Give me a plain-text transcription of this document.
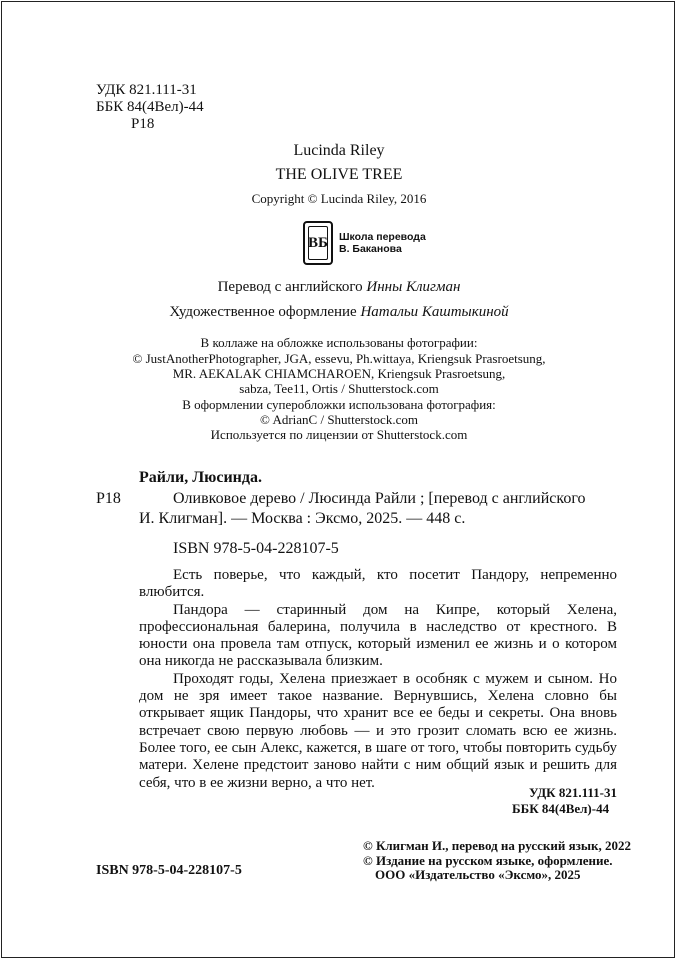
УДК 821.111-31
ББК 84(4Вел)-44
Р18
Lucinda Riley
THE OLIVE TREE
Copyright © Lucinda Riley, 2016
ВБ Школа перевода
В. Баканова
Перевод с английского Инны Клигман
Художественное оформление Натальи Каштыкиной
В коллаже на обложке использованы фотографии:
© JustAnotherPhotographer, JGA, essevu, Ph.wittaya, Kriengsuk Prasroetsung,
MR. AEKALAK CHIAMCHAROEN, Kriengsuk Prasroetsung,
sabza, Tee11, Ortis / Shutterstock.com
В оформлении суперобложки использована фотография:
© AdrianC / Shutterstock.com
Используется по лицензии от Shutterstock.com
Райли, Люсинда.
Р18	Оливковое дерево / Люсинда Райли ; [перевод с английского
И. Клигман]. — Москва : Эксмо, 2025. — 448 с.
ISBN 978-5-04-228107-5

Есть поверье, что каждый, кто посетит Пандору, непременно влюбится.

Пандора — старинный дом на Кипре, который Хелена, профессиональная балерина, получила в наследство от крестного. В юности она провела там отпуск, который изменил ее жизнь и о котором она никогда не рассказывала близким.

Проходят годы, Хелена приезжает в особняк с мужем и сыном. Но дом не зря имеет такое название. Вернувшись, Хелена словно бы открывает ящик Пандоры, что хранит все ее беды и секреты. Она вновь встречает свою первую любовь — и это грозит сломать всю ее жизнь. Более того, ее сын Алекс, кажется, в шаге от того, чтобы повторить судьбу матери. Хелене предстоит заново найти с ним общий язык и решить для себя, что в ее жизни верно, а что нет.

УДК 821.111-31
ББК 84(4Вел)-44
© Клигман И., перевод на русский язык, 2022
© Издание на русском языке, оформление.
ООО «Издательство «Эксмо», 2025
ISBN 978-5-04-228107-5
